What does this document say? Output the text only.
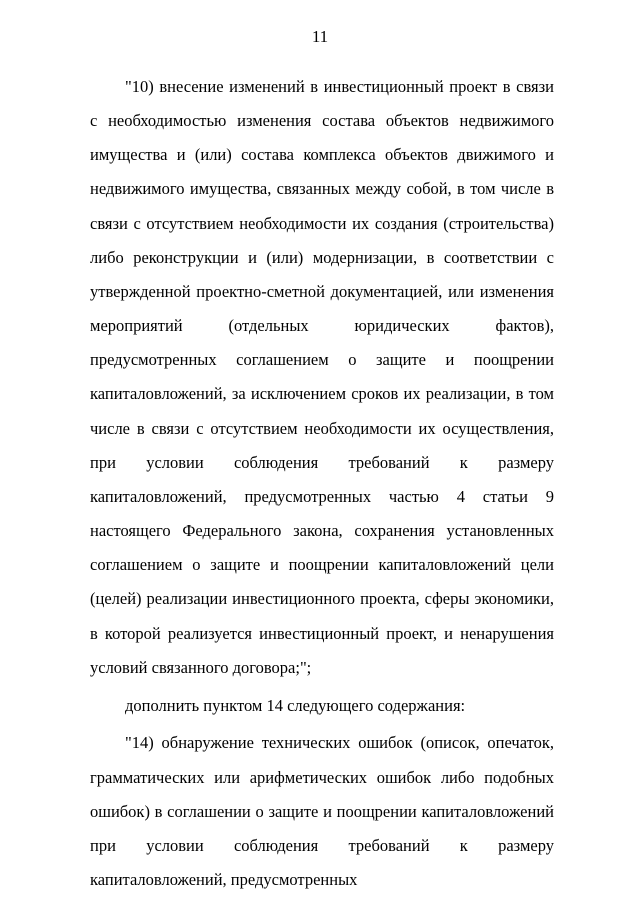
11

"10) внесение изменений в инвестиционный проект в связи с необходимостью изменения состава объектов недвижимого имущества и (или) состава комплекса объектов движимого и недвижимого имущества, связанных между собой, в том числе в связи с отсутствием необходимости их создания (строительства) либо реконструкции и (или) модернизации, в соответствии с утвержденной проектно-сметной документацией, или изменения мероприятий (отдельных юридических фактов), предусмотренных соглашением о защите и поощрении капиталовложений, за исключением сроков их реализации, в том числе в связи с отсутствием необходимости их осуществления, при условии соблюдения требований к размеру капиталовложений, предусмотренных частью 4 статьи 9 настоящего Федерального закона, сохранения установленных соглашением о защите и поощрении капиталовложений цели (целей) реализации инвестиционного проекта, сферы экономики, в которой реализуется инвестиционный проект, и ненарушения условий связанного договора;";

дополнить пунктом 14 следующего содержания:

"14) обнаружение технических ошибок (описок, опечаток, грамматических или арифметических ошибок либо подобных ошибок) в соглашении о защите и поощрении капиталовложений при условии соблюдения требований к размеру капиталовложений, предусмотренных
